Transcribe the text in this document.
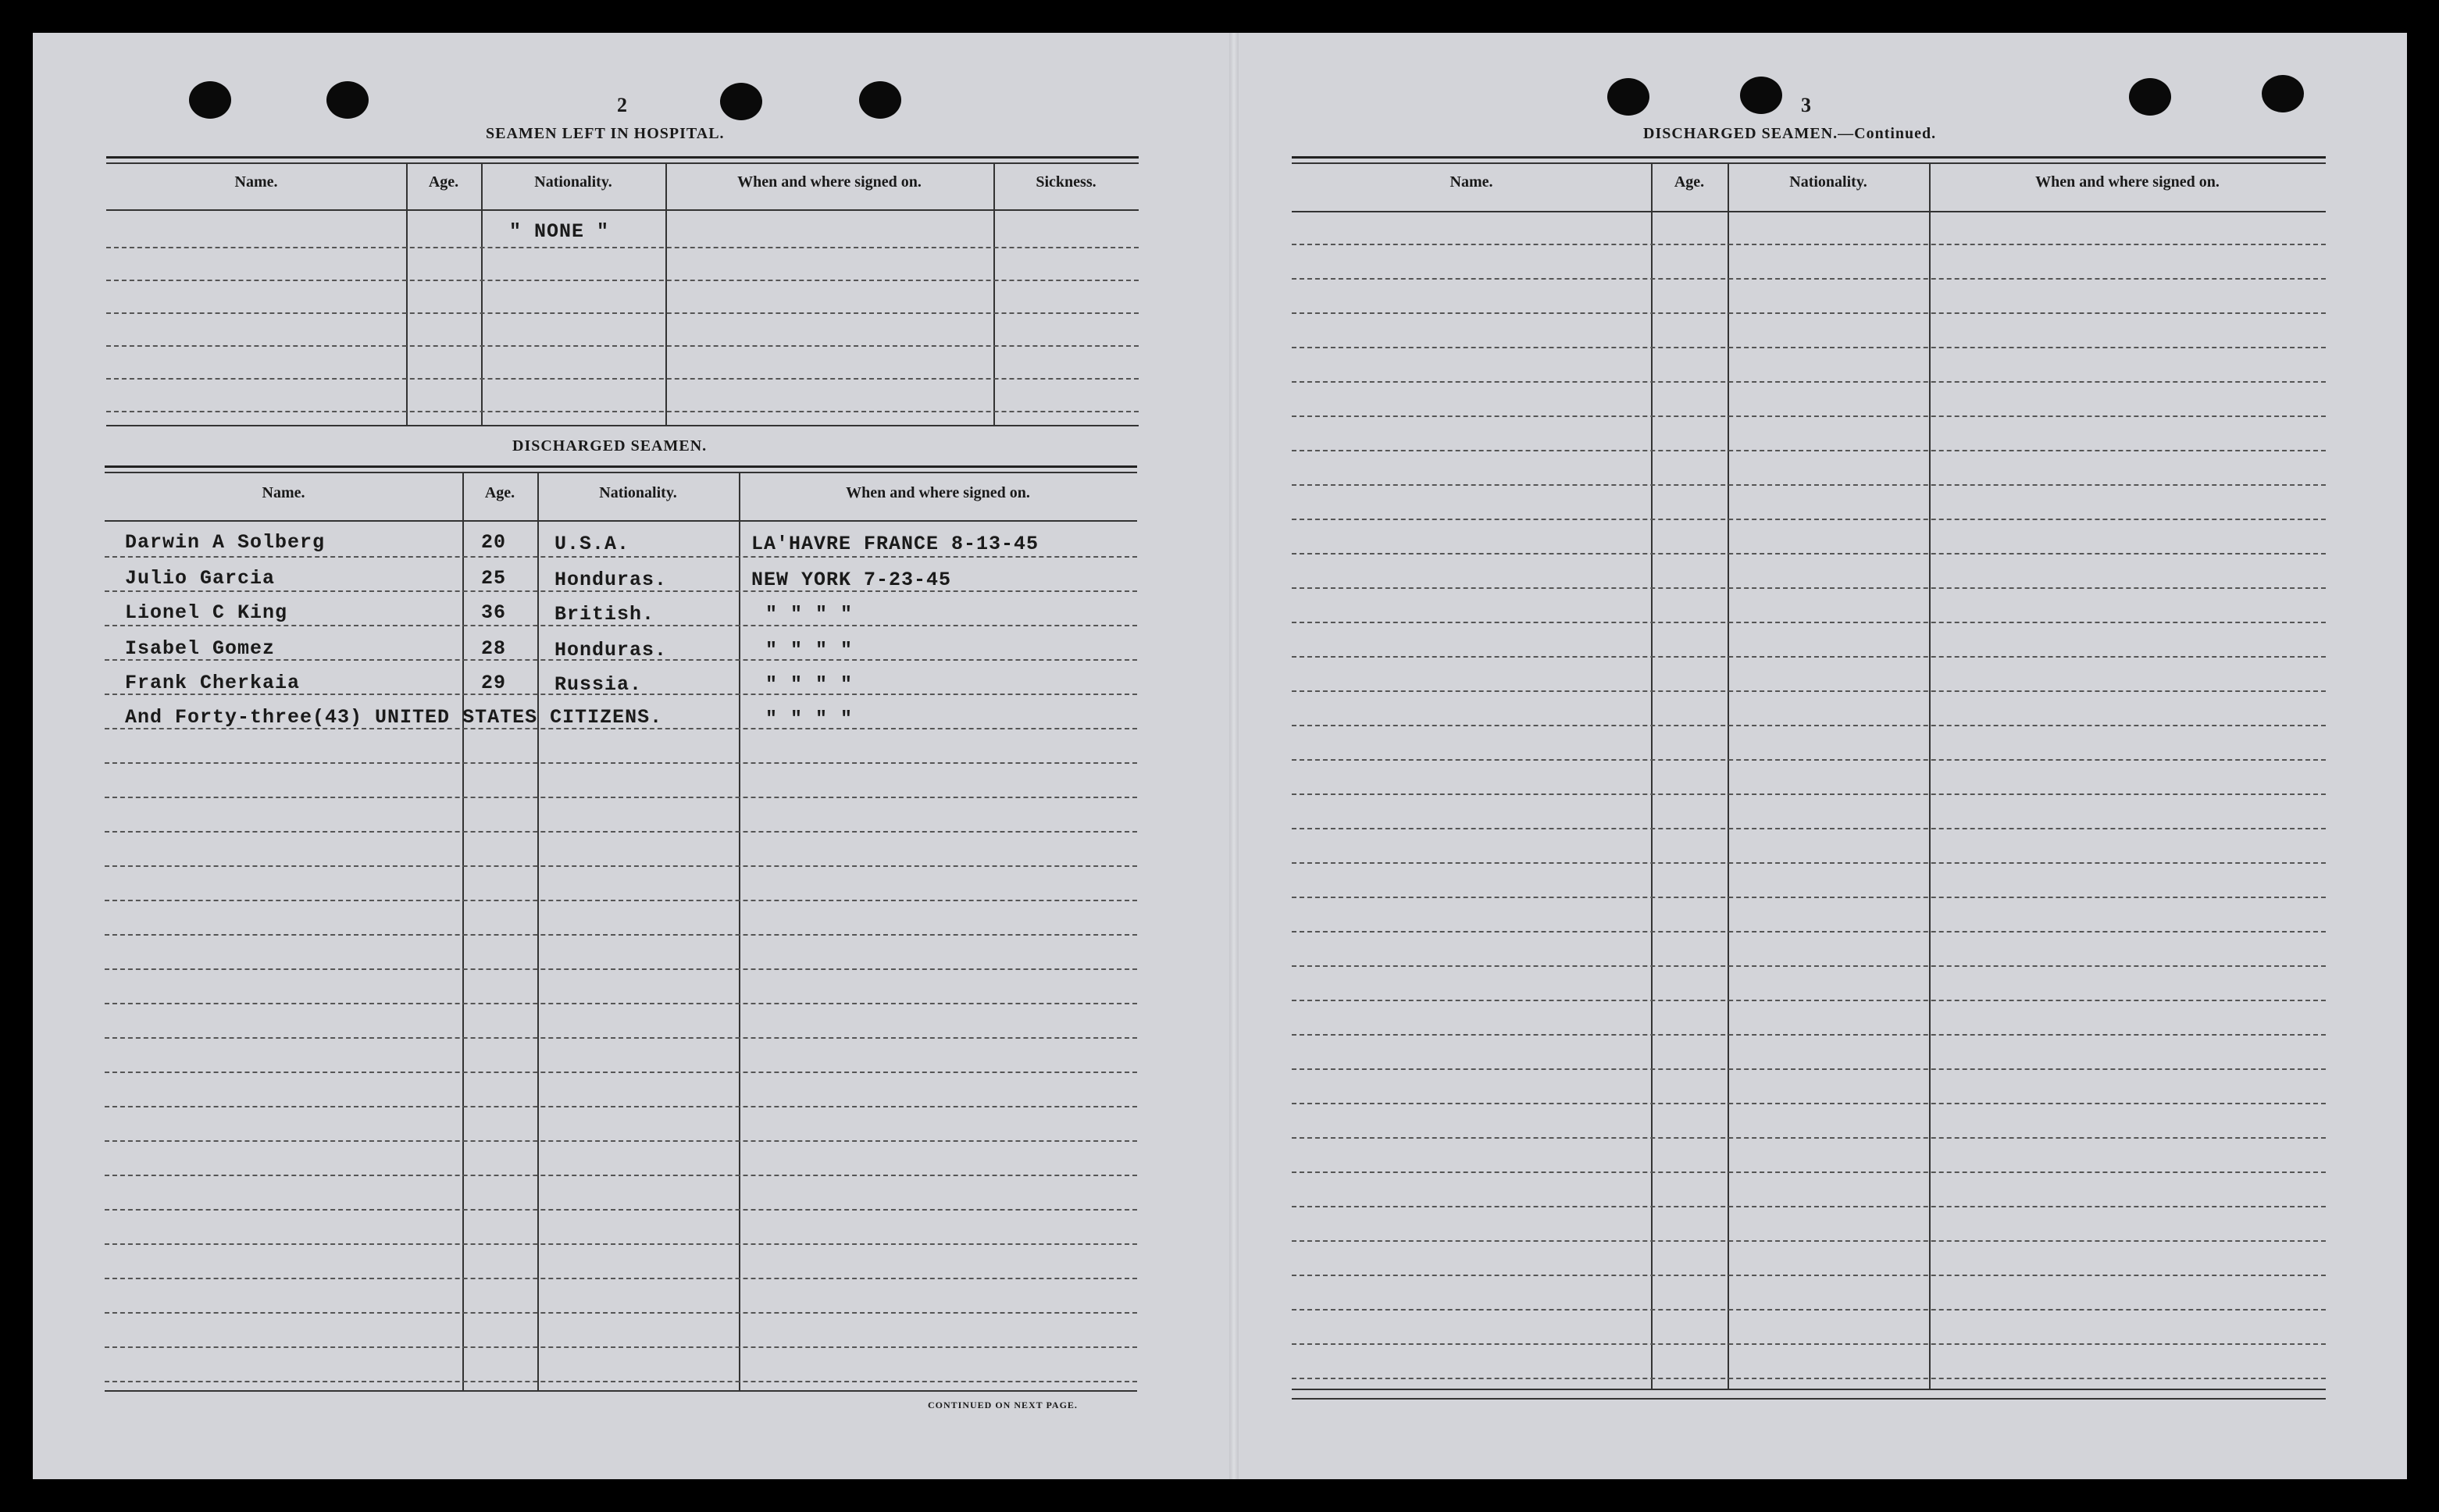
2
SEAMEN LEFT IN HOSPITAL.
Name.	Age.	Nationality.	When and where signed on.	Sickness.
" NONE "
DISCHARGED SEAMEN.
Name.	Age.	Nationality.	When and where signed on.
Darwin A Solberg	20 U.S.A.	LA'HAVRE FRANCE 8-13-45
Julio Garcia	25 Honduras.	NEW YORK 7-23-45
Lionel C King	36 British.	" " " "
Isabel Gomez	28 Honduras.	" " " "
Frank Cherkaia	29 Russia.	" " " "
And Forty-three(43) UNITED STATES CITIZENS.	" " " "
CONTINUED ON NEXT PAGE.
3
DISCHARGED SEAMEN.—Continued.
Name.	Age.	Nationality.	When and where signed on.
